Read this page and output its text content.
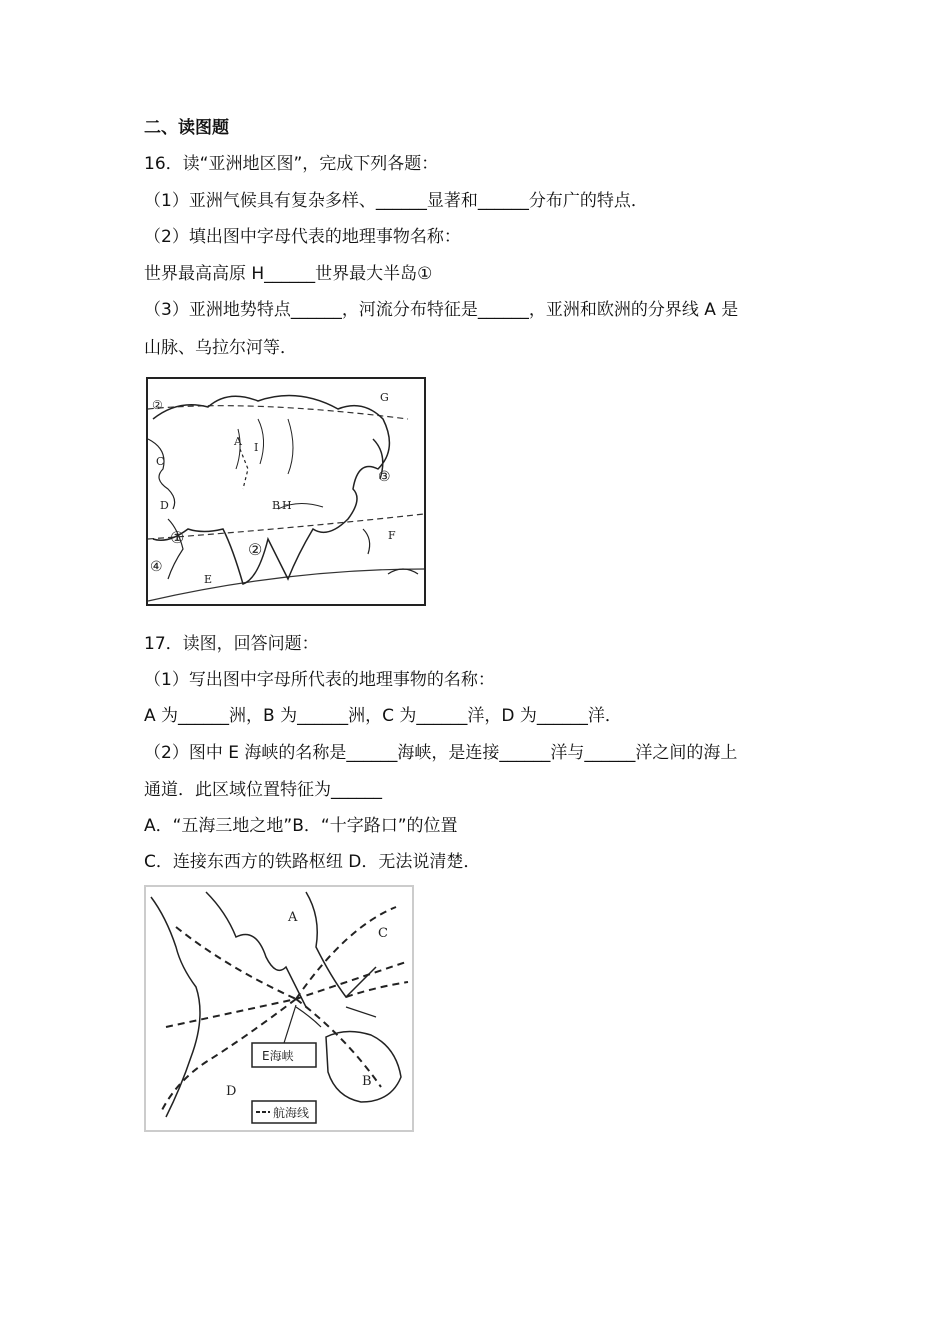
二、读图题
16．读“亚洲地区图”，完成下列各题：
（1）亚洲气候具有复杂多样、______显著和______分布广的特点．
（2）填出图中字母代表的地理事物名称：
世界最高高原 H______世界最大半岛①
（3）亚洲地势特点______，河流分布特征是______，亚洲和欧洲的分界线 A 是
山脉、乌拉尔河等．
G
A I
C
D	B H
F
E
①
②
③
④
②
17．读图，回答问题：
（1）写出图中字母所代表的地理事物的名称：
A 为______洲，B 为______洲，C 为______洋，D 为______洋．
（2）图中 E 海峡的名称是______海峡，是连接______洋与______洋之间的海上
通道．此区域位置特征为______
A．“五海三地之地”B．“十字路口”的位置
C．连接东西方的铁路枢纽 D．无法说清楚．
A
C
B
D
E海峡
航海线
